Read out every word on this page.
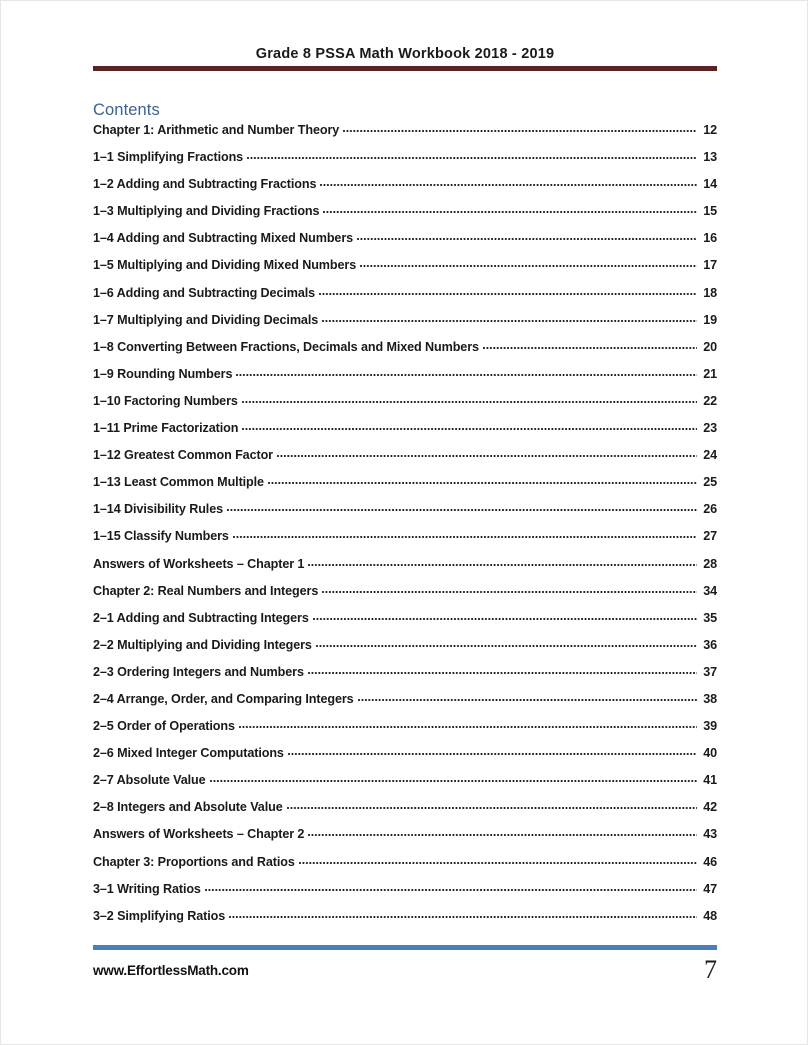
Grade 8 PSSA Math Workbook 2018 - 2019
Contents
Chapter 1: Arithmetic and Number Theory	12
1–1 Simplifying Fractions	13
1–2 Adding and Subtracting Fractions	14
1–3 Multiplying and Dividing Fractions	15
1–4 Adding and Subtracting Mixed Numbers	16
1–5 Multiplying and Dividing Mixed Numbers	17
1–6 Adding and Subtracting Decimals	18
1–7 Multiplying and Dividing Decimals	19
1–8 Converting Between Fractions, Decimals and Mixed Numbers	20
1–9 Rounding Numbers	21
1–10 Factoring Numbers	22
1–11 Prime Factorization	23
1–12 Greatest Common Factor	24
1–13 Least Common Multiple	25
1–14 Divisibility Rules	26
1–15 Classify Numbers	27
Answers of Worksheets – Chapter 1	28
Chapter 2: Real Numbers and Integers	34
2–1 Adding and Subtracting Integers	35
2–2 Multiplying and Dividing Integers	36
2–3 Ordering Integers and Numbers	37
2–4 Arrange, Order, and Comparing Integers	38
2–5 Order of Operations	39
2–6 Mixed Integer Computations	40
2–7 Absolute Value	41
2–8 Integers and Absolute Value	42
Answers of Worksheets – Chapter 2	43
Chapter 3: Proportions and Ratios	46
3–1 Writing Ratios	47
3–2 Simplifying Ratios	48
www.EffortlessMath.com	7
